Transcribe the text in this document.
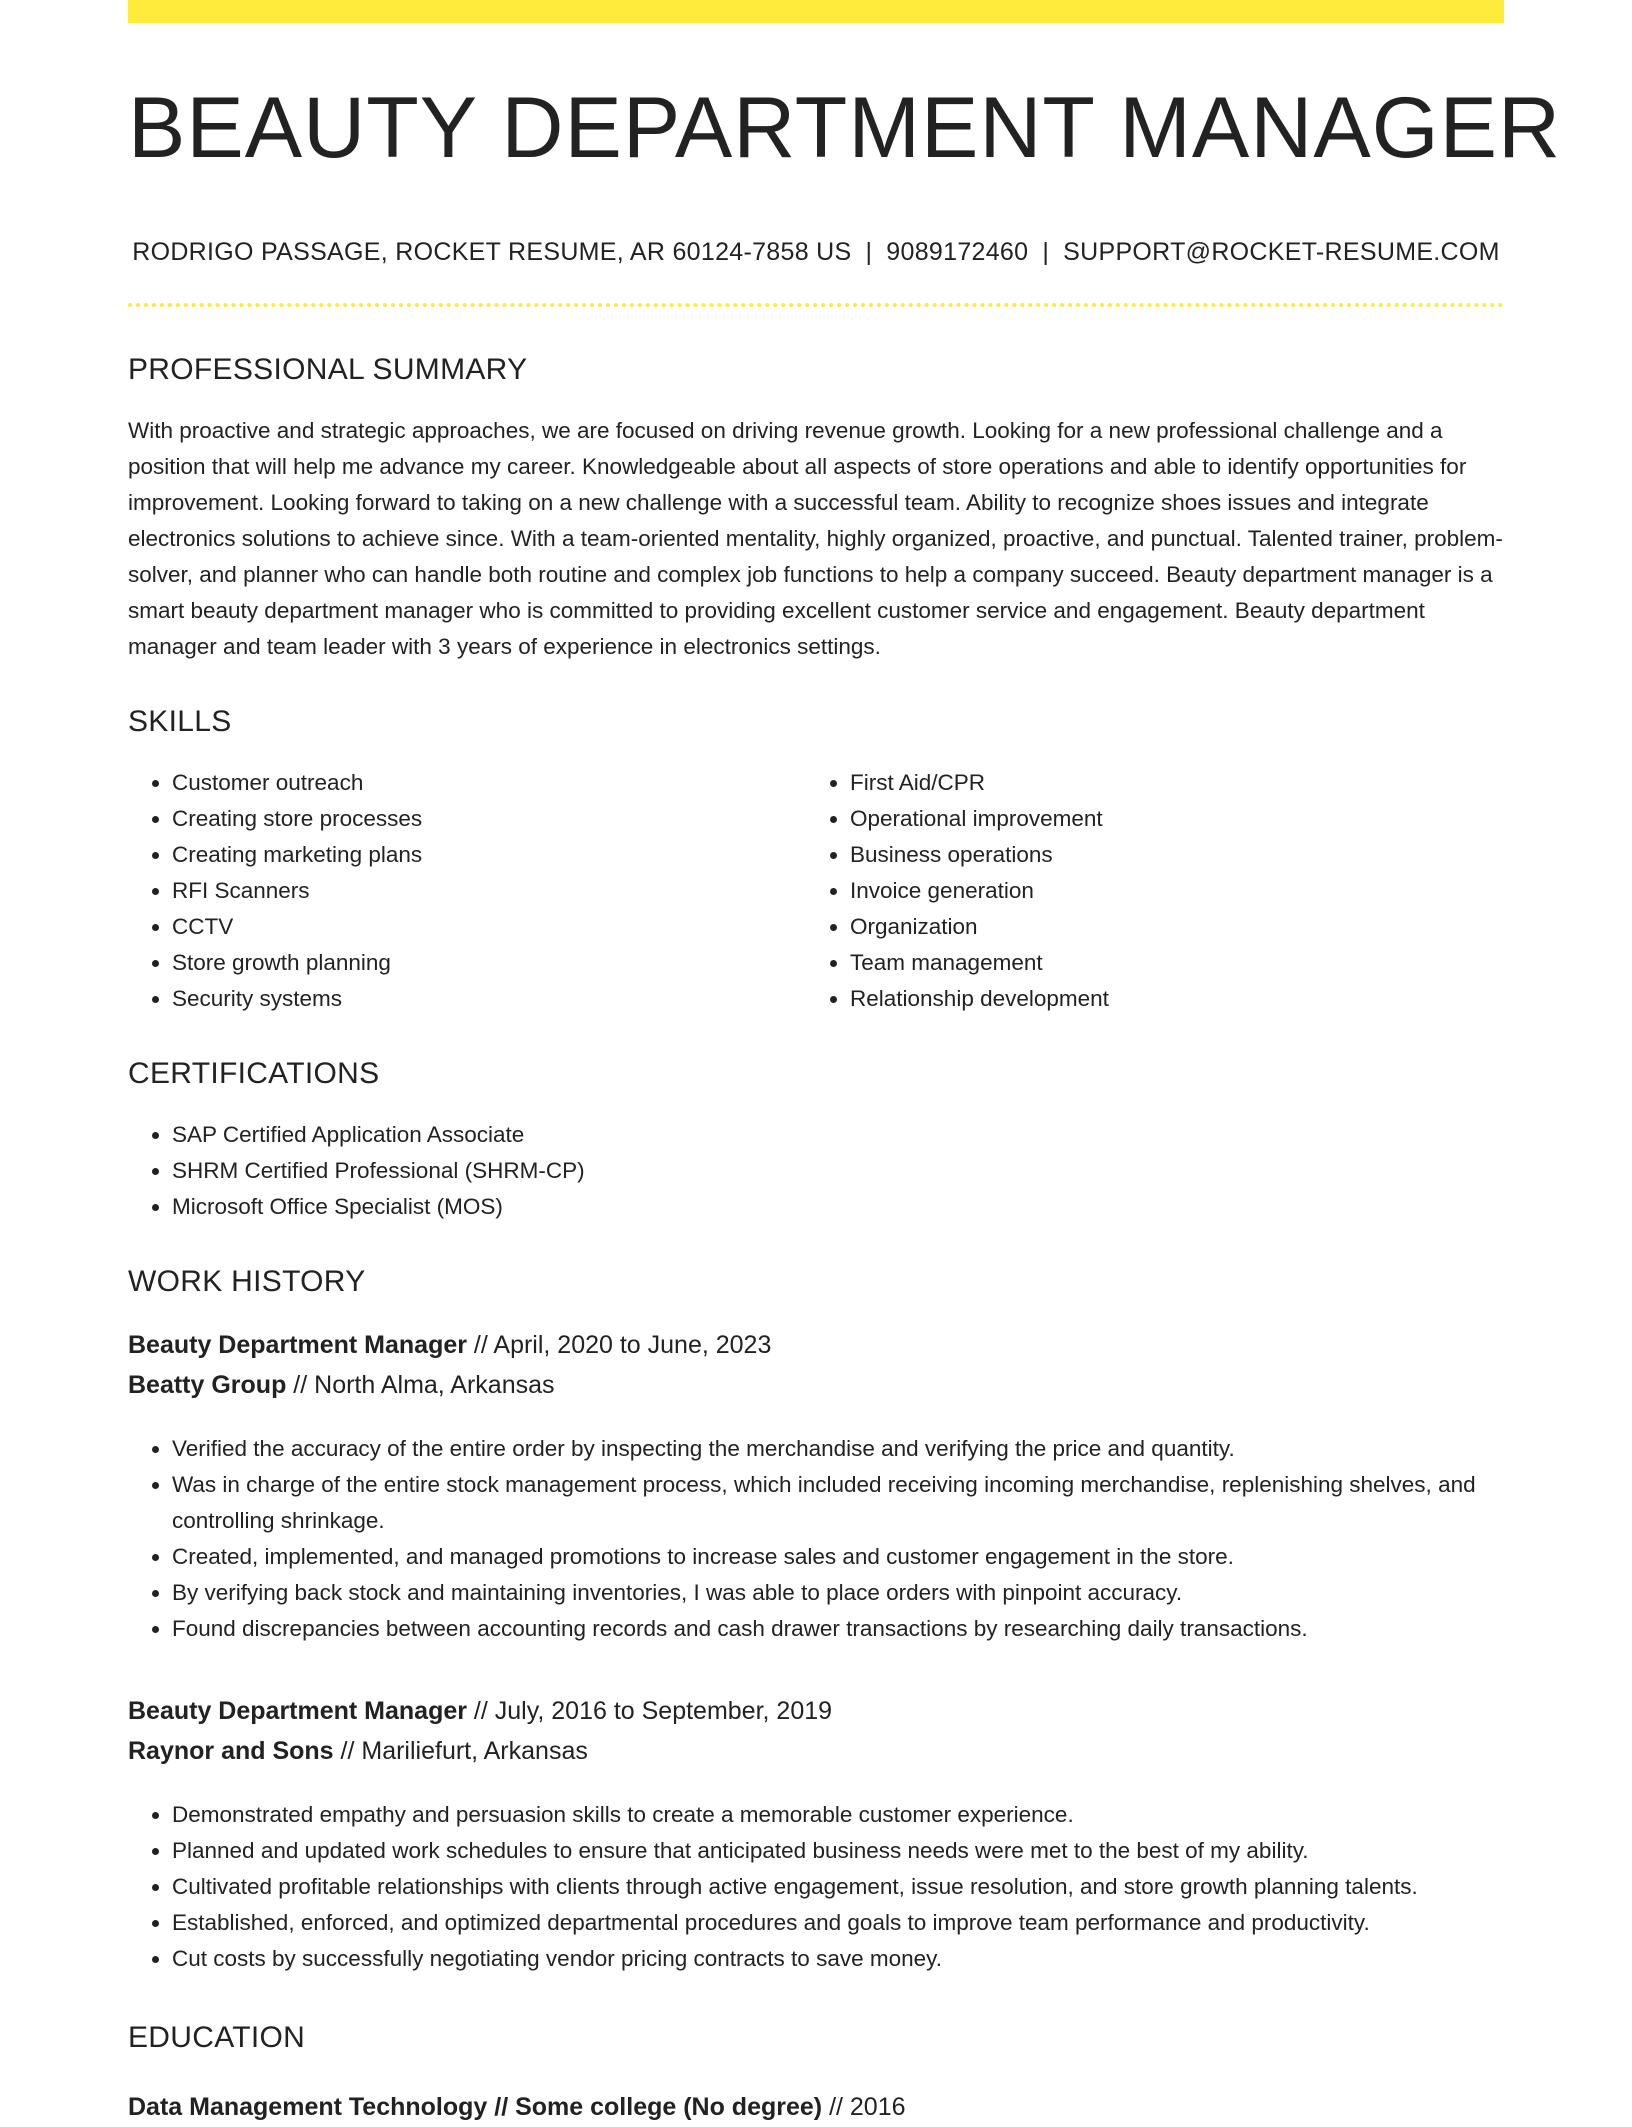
BEAUTY DEPARTMENT MANAGER
RODRIGO PASSAGE, ROCKET RESUME, AR 60124-7858 US | 9089172460 | SUPPORT@ROCKET-RESUME.COM
PROFESSIONAL SUMMARY

With proactive and strategic approaches, we are focused on driving revenue growth. Looking for a new professional challenge and a position that will help me advance my career. Knowledgeable about all aspects of store operations and able to identify opportunities for improvement. Looking forward to taking on a new challenge with a successful team. Ability to recognize shoes issues and integrate electronics solutions to achieve since. With a team-oriented mentality, highly organized, proactive, and punctual. Talented trainer, problem-solver, and planner who can handle both routine and complex job functions to help a company succeed. Beauty department manager is a smart beauty department manager who is committed to providing excellent customer service and engagement. Beauty department manager and team leader with 3 years of experience in electronics settings.

SKILLS
• Customer outreach
• Creating store processes
• Creating marketing plans
• RFI Scanners
• CCTV
• Store growth planning
• Security systems
• First Aid/CPR
• Operational improvement
• Business operations
• Invoice generation
• Organization
• Team management
• Relationship development
CERTIFICATIONS
• SAP Certified Application Associate
• SHRM Certified Professional (SHRM-CP)
• Microsoft Office Specialist (MOS)
WORK HISTORY
Beauty Department Manager // April, 2020 to June, 2023
Beatty Group // North Alma, Arkansas
• Verified the accuracy of the entire order by inspecting the merchandise and verifying the price and quantity.
• Was in charge of the entire stock management process, which included receiving incoming merchandise, replenishing shelves, and controlling shrinkage.
• Created, implemented, and managed promotions to increase sales and customer engagement in the store.
• By verifying back stock and maintaining inventories, I was able to place orders with pinpoint accuracy.
• Found discrepancies between accounting records and cash drawer transactions by researching daily transactions.
Beauty Department Manager // July, 2016 to September, 2019
Raynor and Sons // Mariliefurt, Arkansas
• Demonstrated empathy and persuasion skills to create a memorable customer experience.
• Planned and updated work schedules to ensure that anticipated business needs were met to the best of my ability.
• Cultivated profitable relationships with clients through active engagement, issue resolution, and store growth planning talents.
• Established, enforced, and optimized departmental procedures and goals to improve team performance and productivity.
• Cut costs by successfully negotiating vendor pricing contracts to save money.
EDUCATION
Data Management Technology // Some college (No degree) // 2016
